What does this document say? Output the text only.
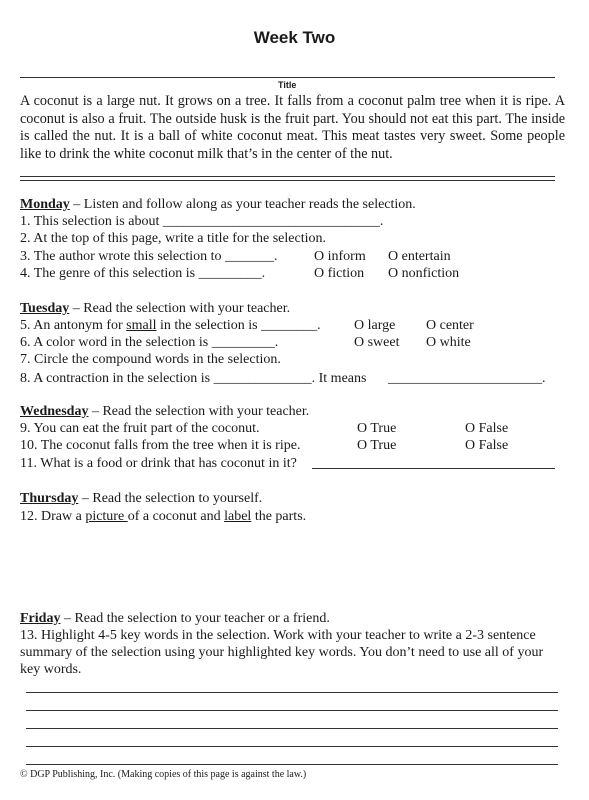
Week Two
Title
A coconut is a large nut. It grows on a tree. It falls from a coconut palm tree when it is ripe. A coconut is also a fruit. The outside husk is the fruit part. You should not eat this part. The inside is called the nut. It is a ball of white coconut meat. This meat tastes very sweet. Some people like to drink the white coconut milk that’s in the center of the nut.
Monday – Listen and follow along as your teacher reads the selection.
1. This selection is about _______________________________.
2. At the top of this page, write a title for the selection.
3. The author wrote this selection to _______.	O inform O entertain
4. The genre of this selection is _________.	O fiction O nonfiction
Tuesday – Read the selection with your teacher.
5. An antonym for small in the selection is ________. O large O center
6. A color word in the selection is _________.	O sweet O white
7. Circle the compound words in the selection.
8. A contraction in the selection is ______________. It means ______________________.
Wednesday – Read the selection with your teacher.
9. You can eat the fruit part of the coconut.	O True	O False
10. The coconut falls from the tree when it is ripe.	O True	O False
11. What is a food or drink that has coconut in it?
Thursday – Read the selection to yourself.
12. Draw a picture of a coconut and label the parts.
Friday – Read the selection to your teacher or a friend.
13. Highlight 4-5 key words in the selection. Work with your teacher to write a 2-3 sentence summary of the selection using your highlighted key words. You don’t need to use all of your key words.
© DGP Publishing, Inc. (Making copies of this page is against the law.)
